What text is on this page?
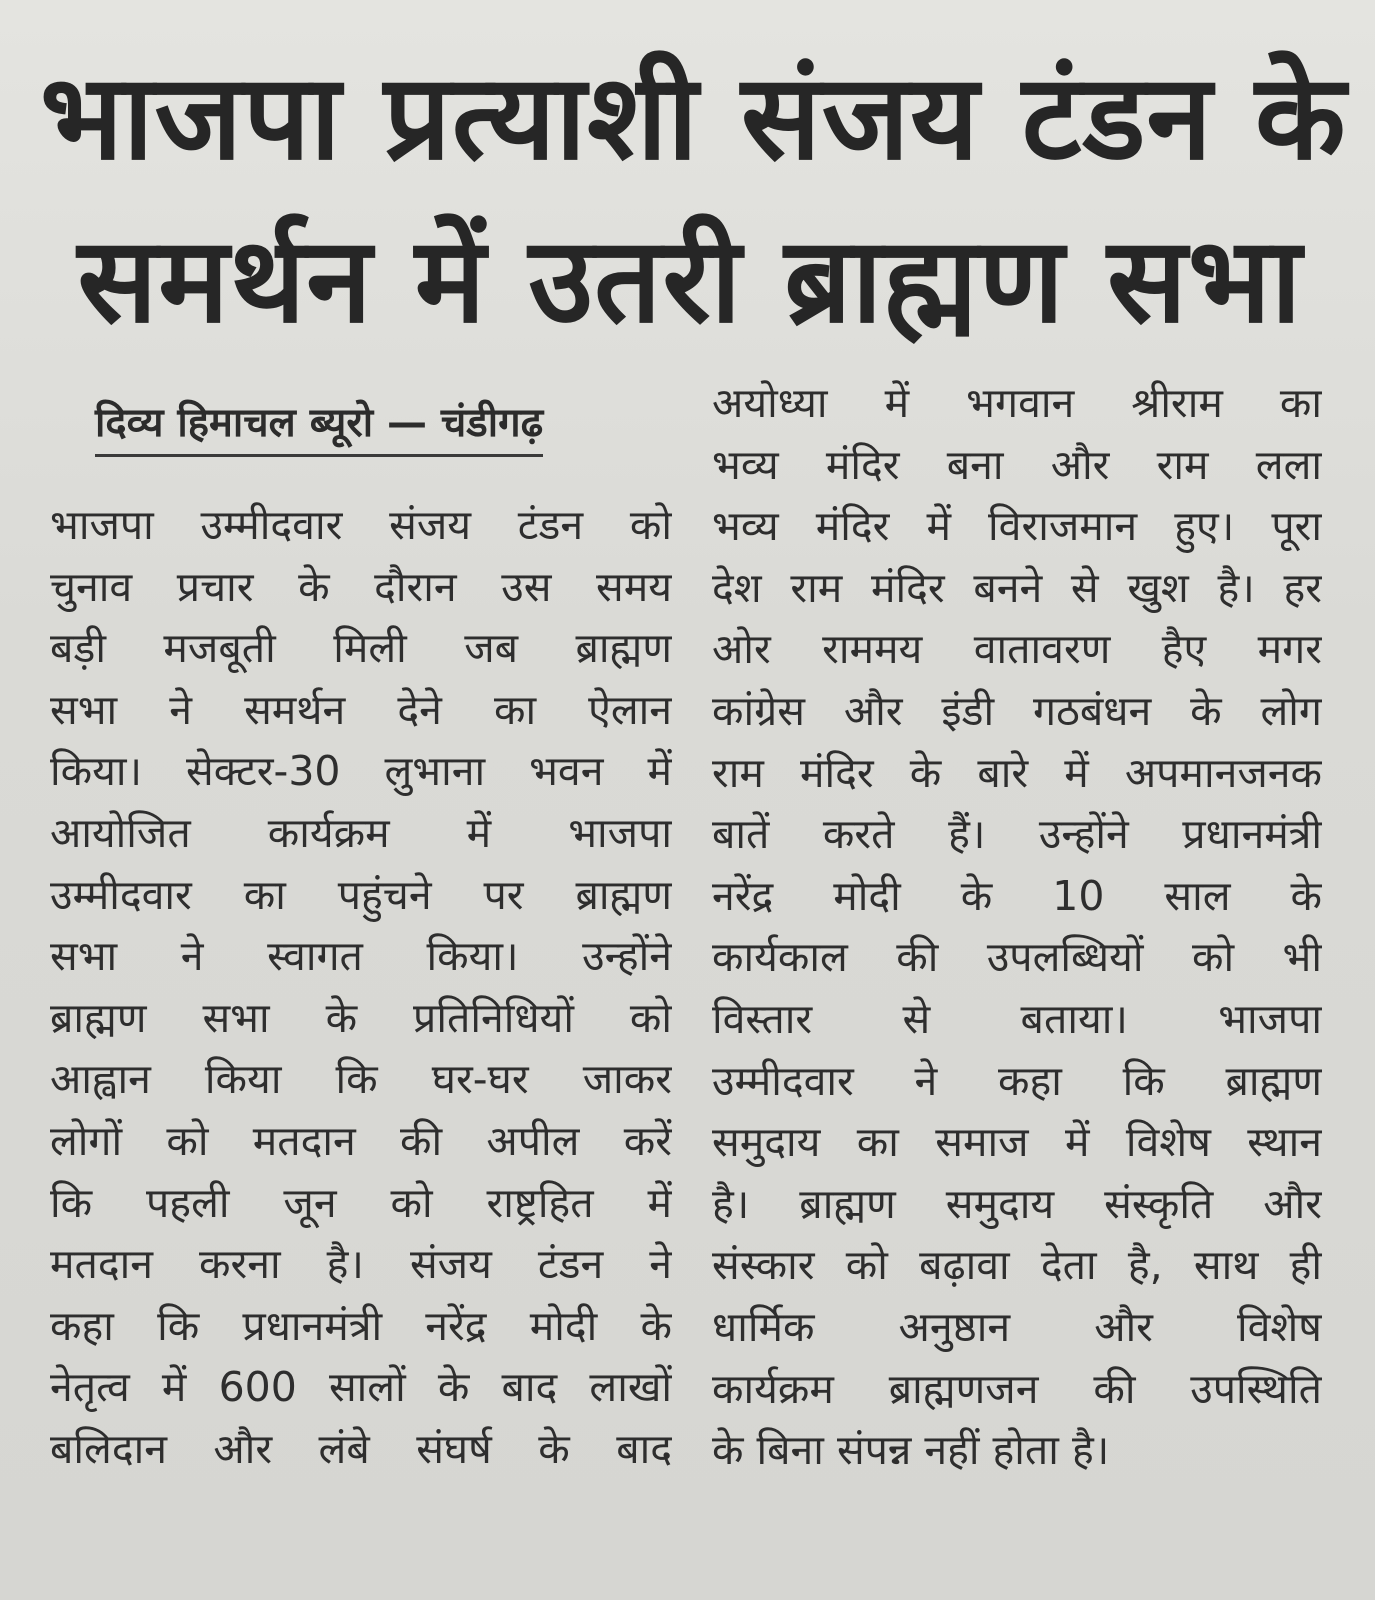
भाजपा प्रत्याशी संजय टंडन के
समर्थन में उतरी ब्राह्मण सभा
दिव्य हिमाचल ब्यूरो — चंडीगढ़
भाजपा उम्मीदवार संजय टंडन को
चुनाव प्रचार के दौरान उस समय
बड़ी मजबूती मिली जब ब्राह्मण
सभा ने समर्थन देने का ऐलान
किया। सेक्टर-30 लुभाना भवन में
आयोजित कार्यक्रम में भाजपा
उम्मीदवार का पहुंचने पर ब्राह्मण
सभा ने स्वागत किया। उन्होंने
ब्राह्मण सभा के प्रतिनिधियों को
आह्वान किया कि घर-घर जाकर
लोगों को मतदान की अपील करें
कि पहली जून को राष्ट्रहित में
मतदान करना है। संजय टंडन ने
कहा कि प्रधानमंत्री नरेंद्र मोदी के
नेतृत्व में 600 सालों के बाद लाखों
बलिदान और लंबे संघर्ष के बाद
अयोध्या में भगवान श्रीराम का
भव्य मंदिर बना और राम लला
भव्य मंदिर में विराजमान हुए। पूरा
देश राम मंदिर बनने से खुश है। हर
ओर राममय वातावरण हैए मगर
कांग्रेस और इंडी गठबंधन के लोग
राम मंदिर के बारे में अपमानजनक
बातें करते हैं। उन्होंने प्रधानमंत्री
नरेंद्र मोदी के 10 साल के
कार्यकाल की उपलब्धियों को भी
विस्तार से बताया। भाजपा
उम्मीदवार ने कहा कि ब्राह्मण
समुदाय का समाज में विशेष स्थान
है। ब्राह्मण समुदाय संस्कृति और
संस्कार को बढ़ावा देता है, साथ ही
धार्मिक अनुष्ठान और विशेष
कार्यक्रम ब्राह्मणजन की उपस्थिति
के बिना संपन्न नहीं होता है।
